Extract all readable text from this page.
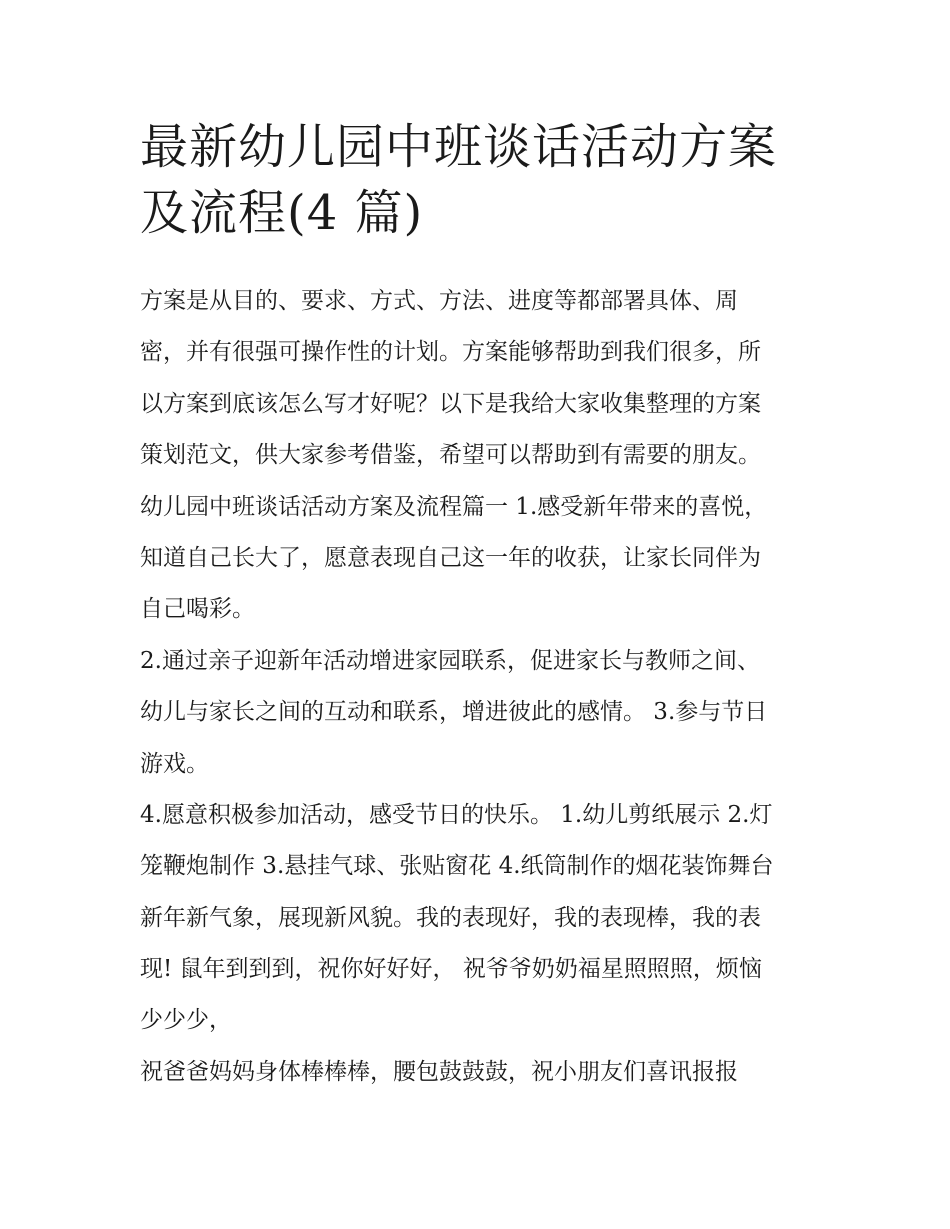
最新幼儿园中班谈话活动方案
及流程(4 篇)
方案是从目的、要求、方式、方法、进度等都部署具体、周
密，并有很强可操作性的计划。方案能够帮助到我们很多，所
以方案到底该怎么写才好呢？以下是我给大家收集整理的方案
策划范文，供大家参考借鉴，希望可以帮助到有需要的朋友。
幼儿园中班谈话活动方案及流程篇一 1.感受新年带来的喜悦，
知道自己长大了，愿意表现自己这一年的收获，让家长同伴为
自己喝彩。
2.通过亲子迎新年活动增进家园联系，促进家长与教师之间、
幼儿与家长之间的互动和联系，增进彼此的感情。 3.参与节日
游戏。
4.愿意积极参加活动，感受节日的快乐。 1.幼儿剪纸展示 2.灯
笼鞭炮制作 3.悬挂气球、张贴窗花 4.纸筒制作的烟花装饰舞台
新年新气象，展现新风貌。我的表现好，我的表现棒，我的表
现! 鼠年到到到，祝你好好好， 祝爷爷奶奶福星照照照，烦恼
少少少，
祝爸爸妈妈身体棒棒棒，腰包鼓鼓鼓，祝小朋友们喜讯报报
